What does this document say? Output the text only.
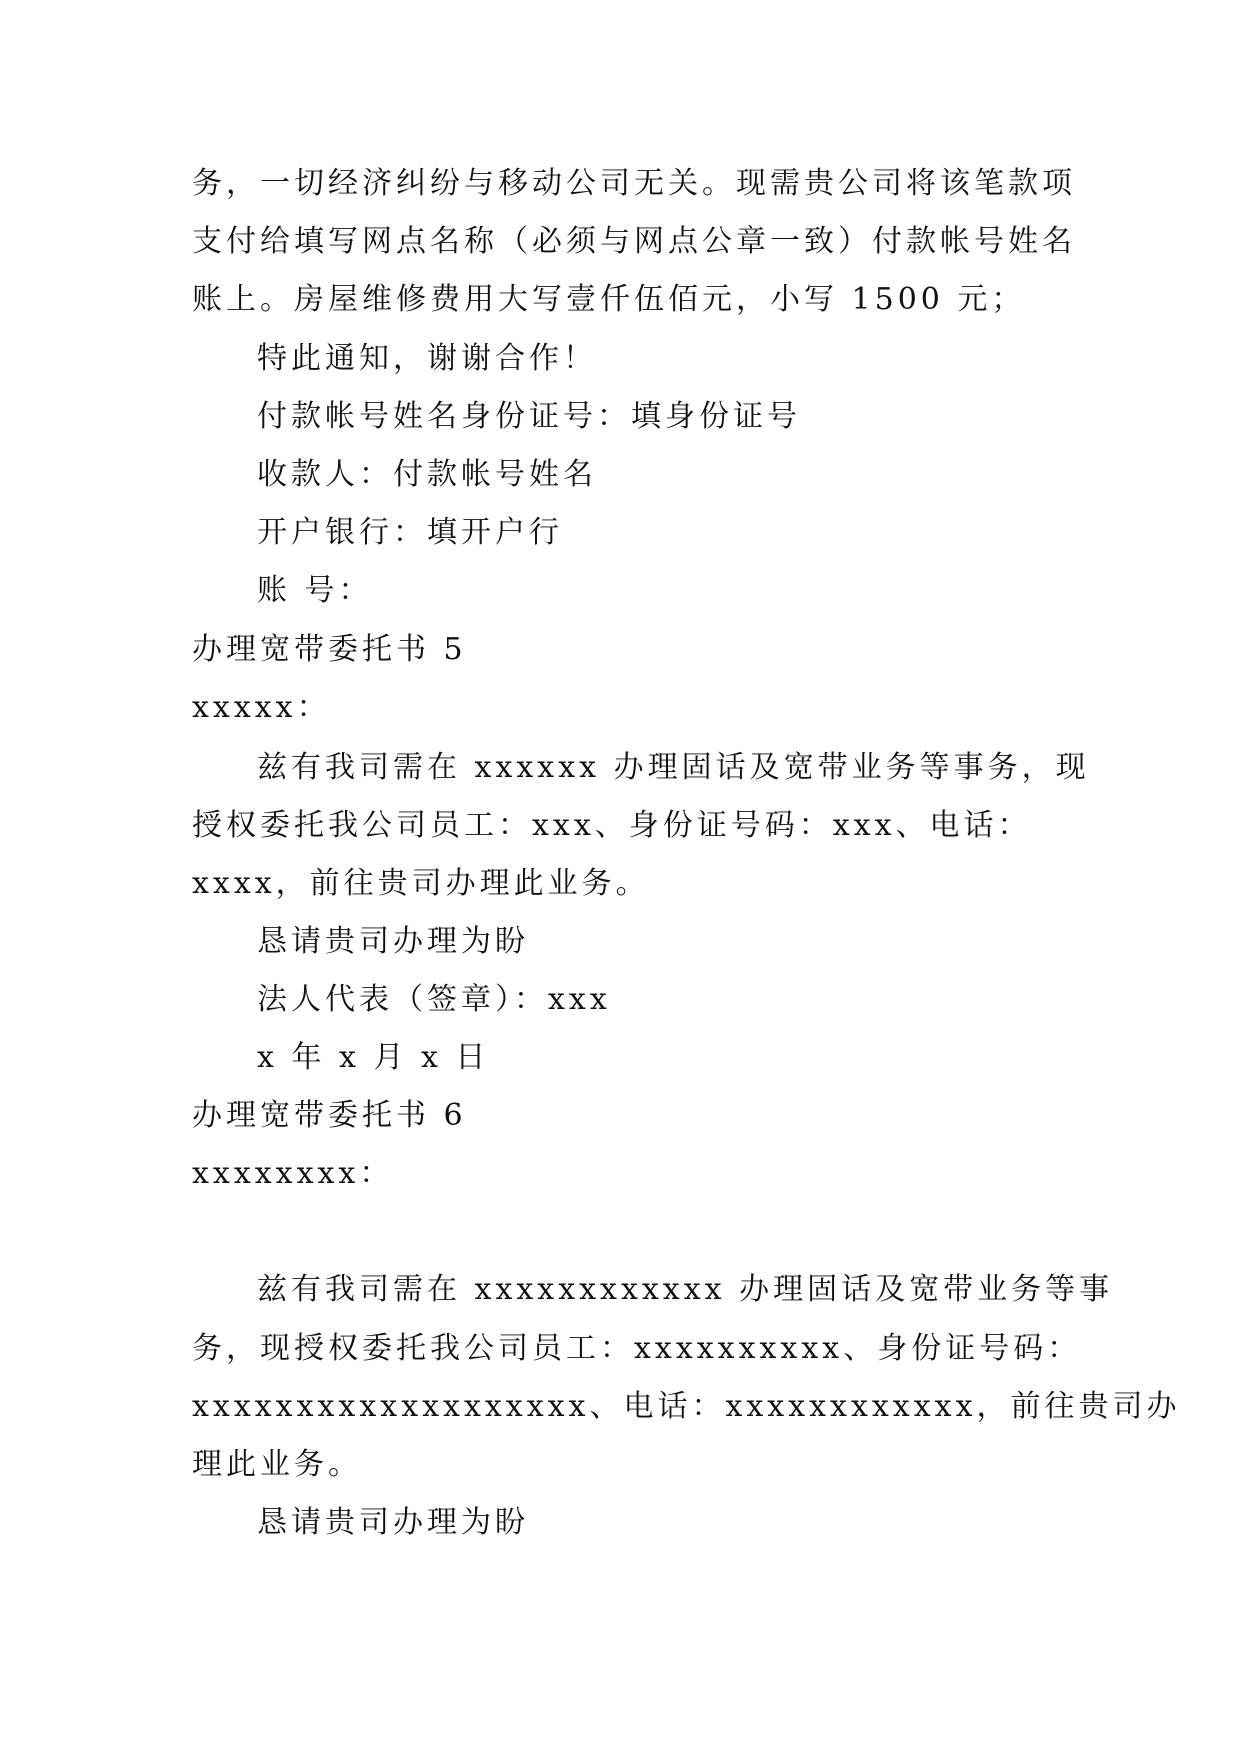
务，一切经济纠纷与移动公司无关。现需贵公司将该笔款项
支付给填写网点名称（必须与网点公章一致）付款帐号姓名
账上。房屋维修费用大写壹仟伍佰元，小写 1500 元；
特此通知，谢谢合作！
付款帐号姓名身份证号：填身份证号
收款人：付款帐号姓名
开户银行：填开户行
账 号：
办理宽带委托书 5
xxxxx：
兹有我司需在 xxxxxx 办理固话及宽带业务等事务，现
授权委托我公司员工：xxx、身份证号码：xxx、电话：
xxxx，前往贵司办理此业务。
恳请贵司办理为盼
法人代表（签章）：xxx
x 年 x 月 x 日
办理宽带委托书 6
xxxxxxxx：
兹有我司需在 xxxxxxxxxxxx 办理固话及宽带业务等事
务，现授权委托我公司员工：xxxxxxxxxx、身份证号码：
xxxxxxxxxxxxxxxxxxx、电话：xxxxxxxxxxxx，前往贵司办
理此业务。
恳请贵司办理为盼
